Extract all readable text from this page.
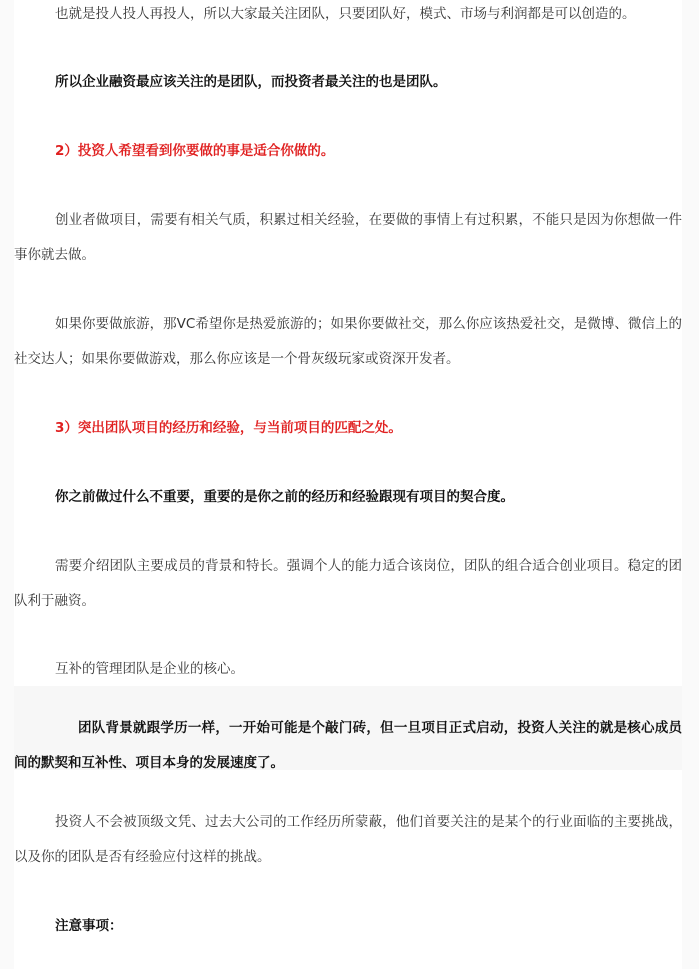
也就是投人投人再投人，所以大家最关注团队，只要团队好，模式、市场与利润都是可以创造的。

所以企业融资最应该关注的是团队，而投资者最关注的也是团队。

2）投资人希望看到你要做的事是适合你做的。

创业者做项目，需要有相关气质，积累过相关经验，在要做的事情上有过积累，不能只是因为你想做一件事你就去做。

如果你要做旅游，那VC希望你是热爱旅游的；如果你要做社交，那么你应该热爱社交，是微博、微信上的社交达人；如果你要做游戏，那么你应该是一个骨灰级玩家或资深开发者。

3）突出团队项目的经历和经验，与当前项目的匹配之处。

你之前做过什么不重要，重要的是你之前的经历和经验跟现有项目的契合度。

需要介绍团队主要成员的背景和特长。强调个人的能力适合该岗位，团队的组合适合创业项目。稳定的团队利于融资。

互补的管理团队是企业的核心。

团队背景就跟学历一样，一开始可能是个敲门砖，但一旦项目正式启动，投资人关注的就是核心成员间的默契和互补性、项目本身的发展速度了。

投资人不会被顶级文凭、过去大公司的工作经历所蒙蔽，他们首要关注的是某个的行业面临的主要挑战，以及你的团队是否有经验应付这样的挑战。

注意事项：
